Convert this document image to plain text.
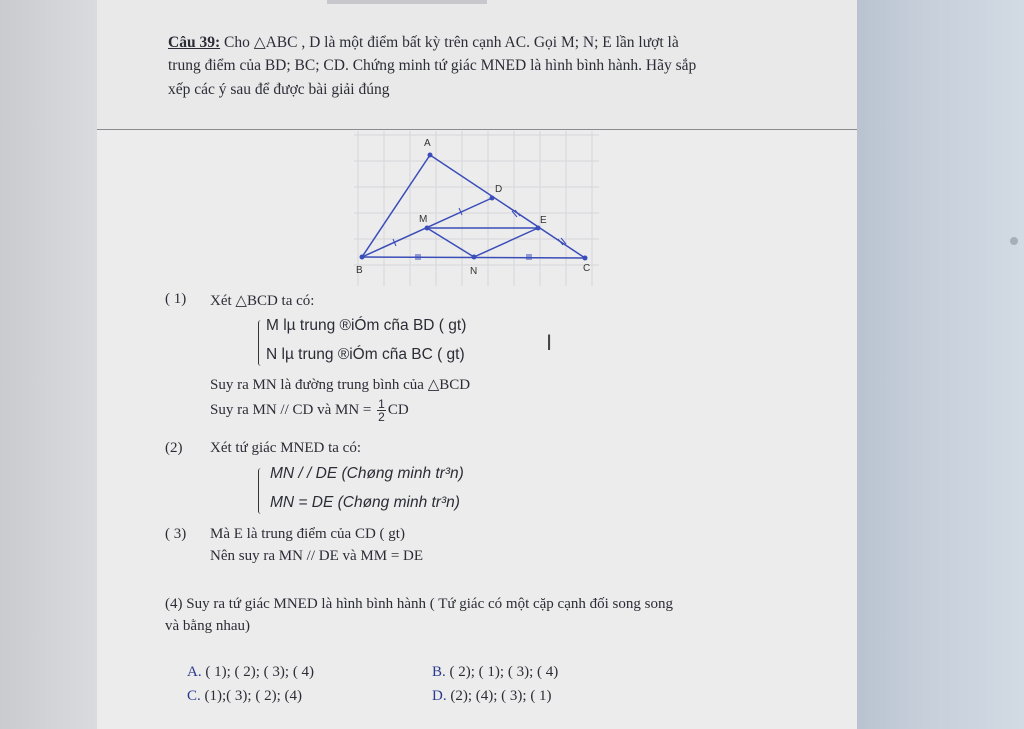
Câu 39: Cho △ABC , D là một điểm bất kỳ trên cạnh AC. Gọi M; N; E lần lượt là
trung điểm của BD; BC; CD. Chứng minh tứ giác MNED là hình bình hành. Hãy sắp
xếp các ý sau để được bài giải đúng
A
B	C
D
E
M
N
( 1) Xét △BCD ta có:
M lµ trung ®iÓm cña BD ( gt)
N lµ trung ®iÓm cña BC ( gt)
Suy ra MN là đường trung bình của △BCD
Suy ra MN // CD và MN = $\frac{1}{2}$ CD
(2) Xét tứ giác MNED ta có:
MN / / DE (Chøng minh tr³n)
MN = DE (Chøng minh tr³n)
( 3) Mà E là trung điểm của CD ( gt)
Nên suy ra MN // DE và MM = DE
(4) Suy ra tứ giác MNED là hình bình hành ( Tứ giác có một cặp cạnh đối song song
và bằng nhau)
A. ( 1); ( 2); ( 3); ( 4)	B. ( 2); ( 1); ( 3); ( 4)
C. (1);( 3); ( 2); (4)	D. (2); (4); ( 3); ( 1)
I
